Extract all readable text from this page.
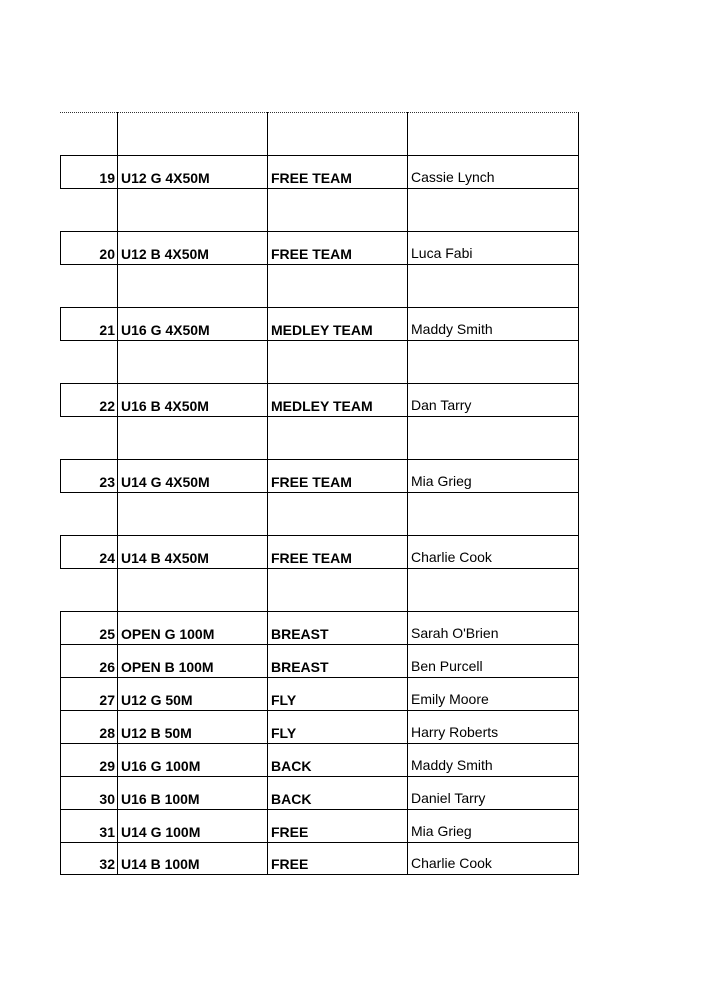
19 U12 G 4X50M	FREE TEAM	Cassie Lynch
20 U12 B 4X50M	FREE TEAM	Luca Fabi
21 U16 G 4X50M	MEDLEY TEAM	Maddy Smith
22 U16 B 4X50M	MEDLEY TEAM	Dan Tarry
23 U14 G 4X50M	FREE TEAM	Mia Grieg
24 U14 B 4X50M	FREE TEAM	Charlie Cook
25 OPEN G 100M	BREAST	Sarah O'Brien
26 OPEN B 100M	BREAST	Ben Purcell
27 U12 G 50M	FLY	Emily Moore
28 U12 B 50M	FLY	Harry Roberts
29 U16 G 100M	BACK	Maddy Smith
30 U16 B 100M	BACK	Daniel Tarry
31 U14 G 100M	FREE	Mia Grieg
32 U14 B 100M	FREE	Charlie Cook
